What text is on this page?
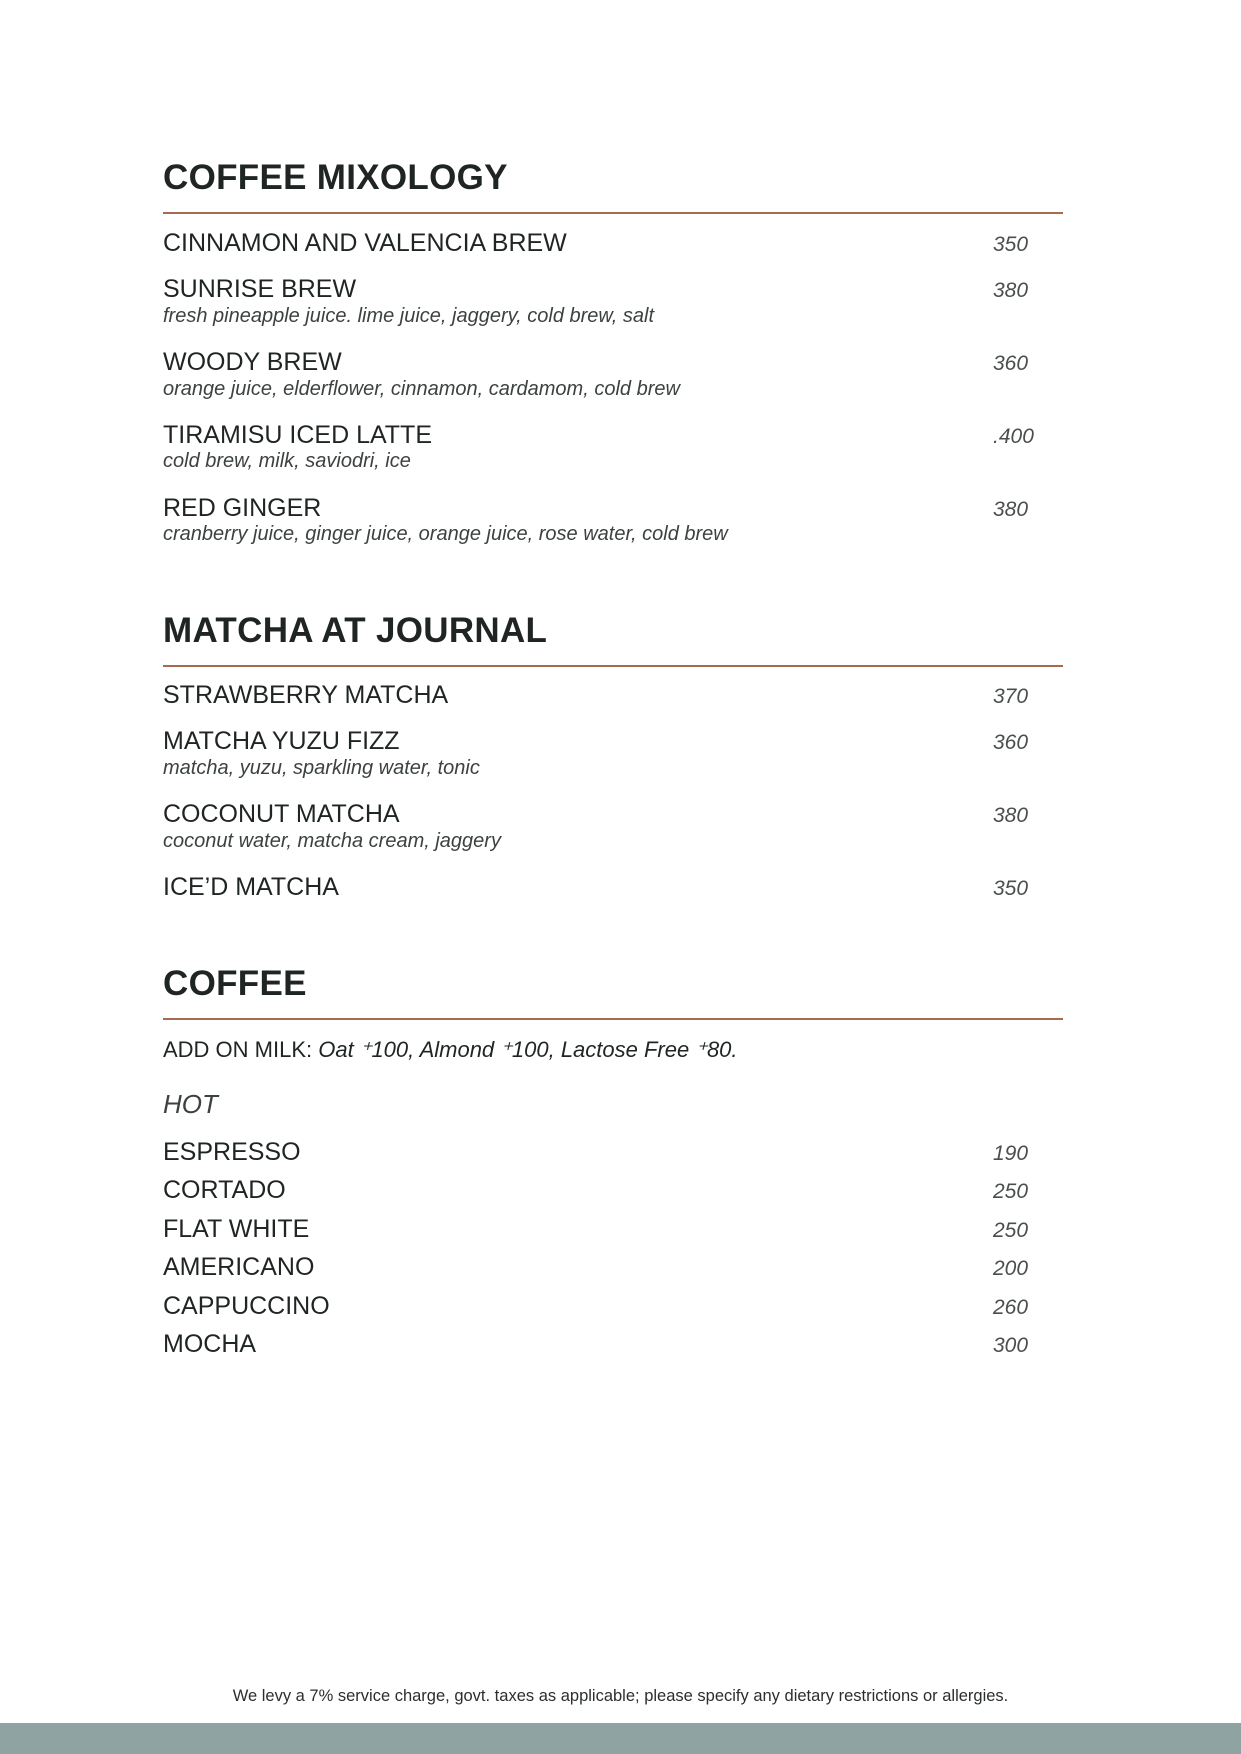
COFFEE MIXOLOGY
CINNAMON AND VALENCIA BREW	350
SUNRISE BREW	380
fresh pineapple juice. lime juice, jaggery, cold brew, salt
WOODY BREW	360
orange juice, elderflower, cinnamon, cardamom, cold brew
TIRAMISU ICED LATTE	.400
cold brew, milk, saviodri, ice
RED GINGER	380
cranberry juice, ginger juice, orange juice, rose water, cold brew
MATCHA AT JOURNAL
STRAWBERRY MATCHA	370
MATCHA YUZU FIZZ	360
matcha, yuzu, sparkling water, tonic
COCONUT MATCHA	380
coconut water, matcha cream, jaggery
ICE’D MATCHA	350
COFFEE
ADD ON MILK: Oat ⁺100, Almond ⁺100, Lactose Free ⁺80.
HOT
ESPRESSO	190
CORTADO	250
FLAT WHITE	250
AMERICANO	200
CAPPUCCINO	260
MOCHA	300
We levy a 7% service charge, govt. taxes as applicable; please specify any dietary restrictions or allergies.
